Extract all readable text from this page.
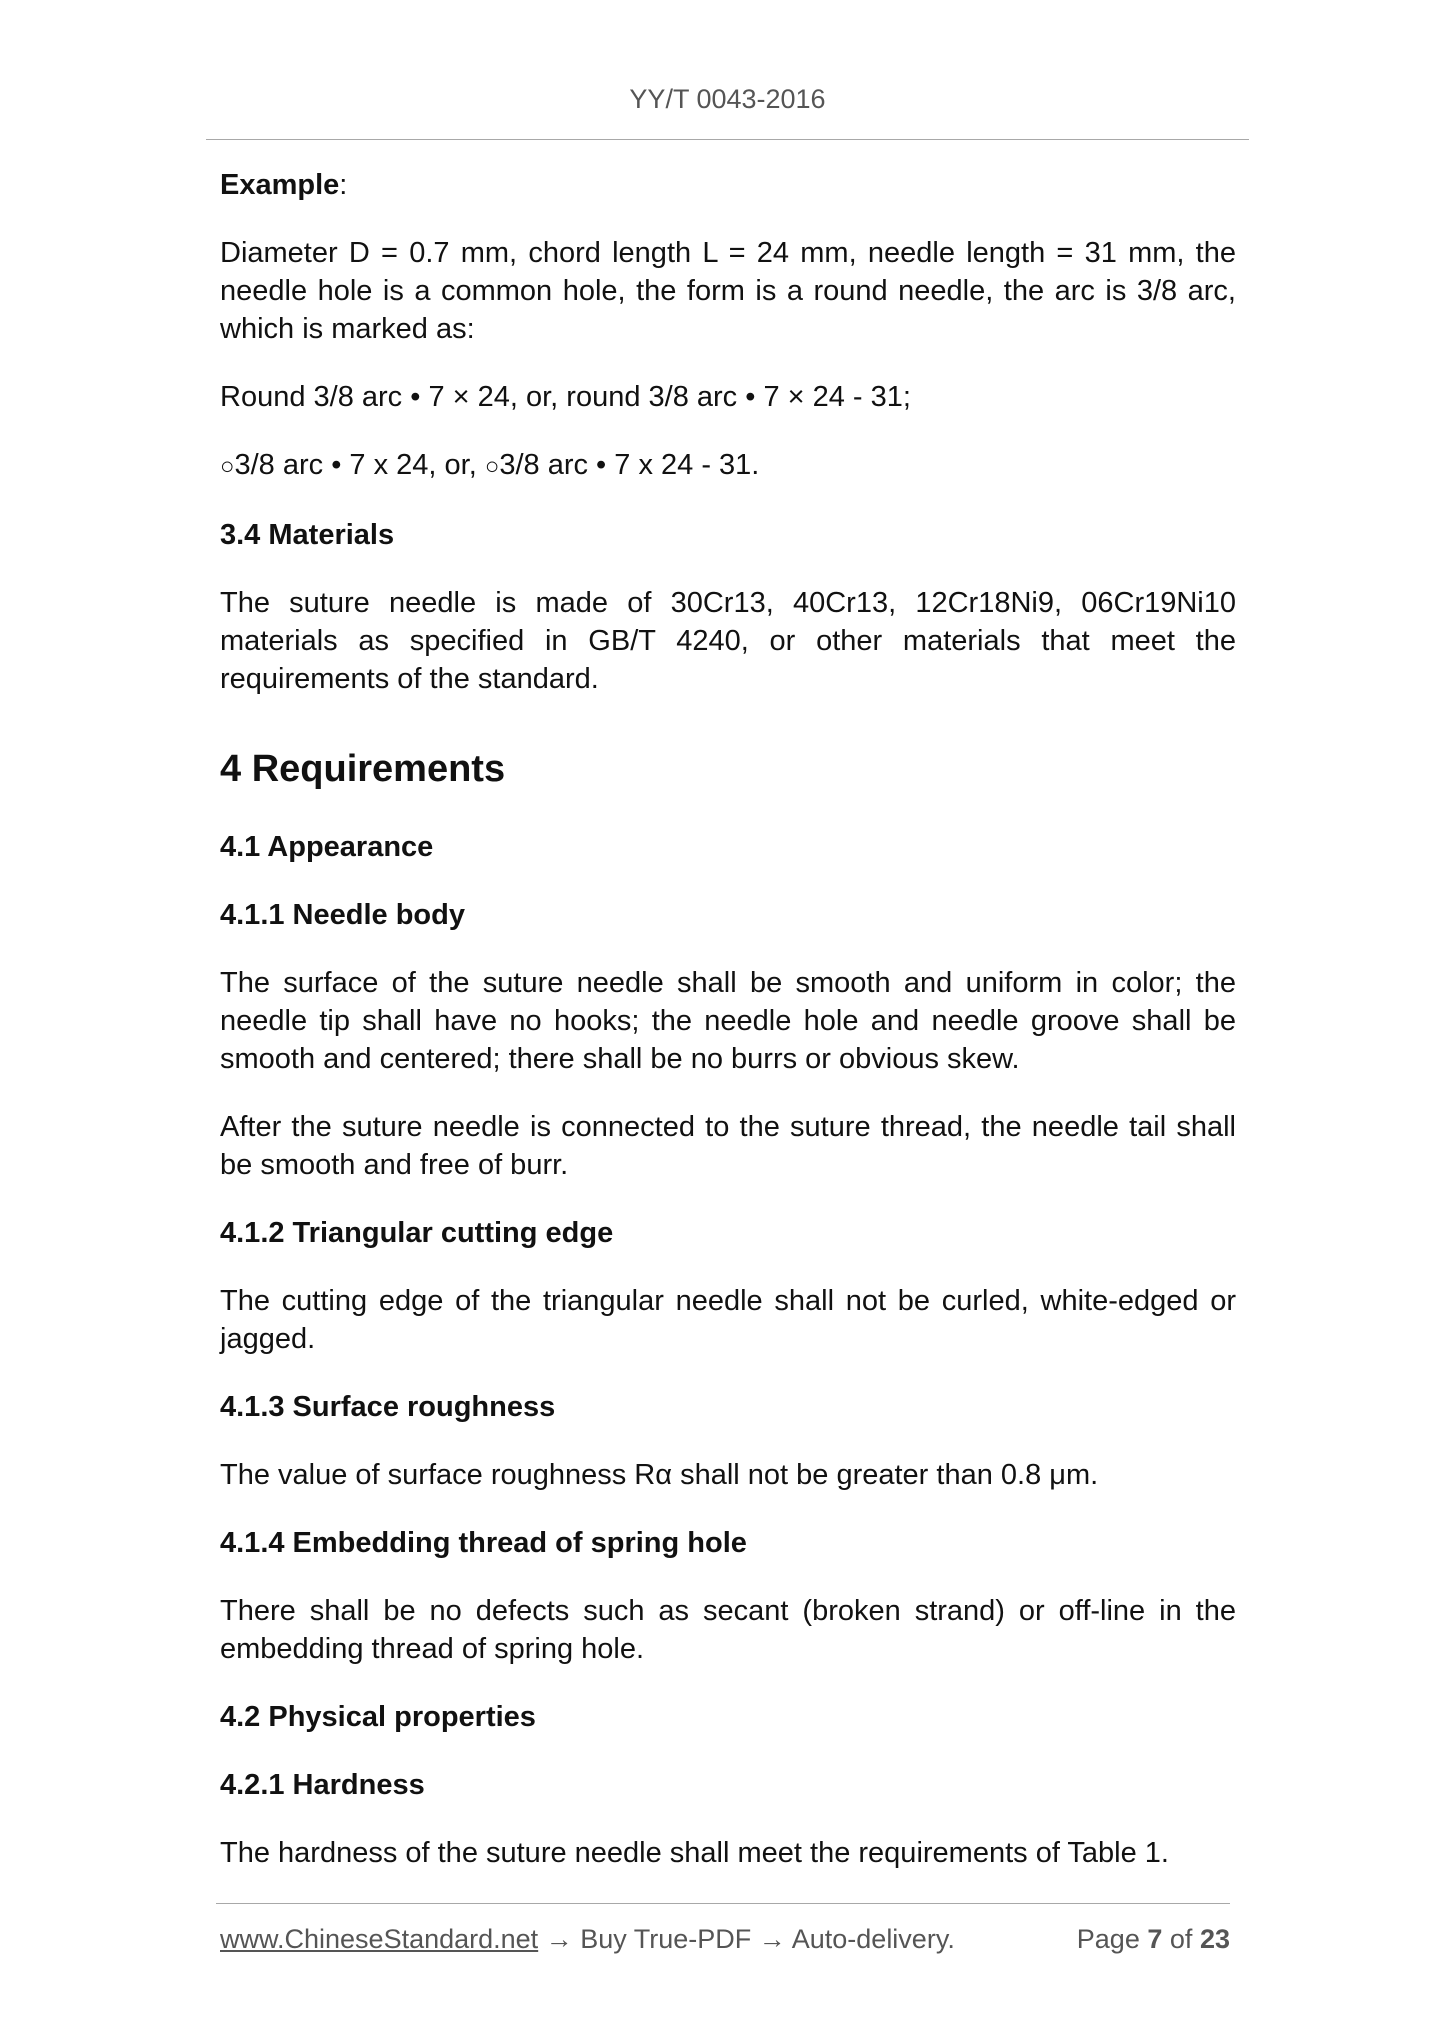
YY/T 0043-2016

Example:

Diameter D = 0.7 mm, chord length L = 24 mm, needle length = 31 mm, the needle hole is a common hole, the form is a round needle, the arc is 3/8 arc, which is marked as:

Round 3/8 arc • 7 × 24, or, round 3/8 arc • 7 × 24 - 31;

○3/8 arc • 7 x 24, or, ○3/8 arc • 7 x 24 - 31.

3.4 Materials

The suture needle is made of 30Cr13, 40Cr13, 12Cr18Ni9, 06Cr19Ni10 materials as specified in GB/T 4240, or other materials that meet the requirements of the standard.

4 Requirements
4.1 Appearance
4.1.1 Needle body

The surface of the suture needle shall be smooth and uniform in color; the needle tip shall have no hooks; the needle hole and needle groove shall be smooth and centered; there shall be no burrs or obvious skew.

After the suture needle is connected to the suture thread, the needle tail shall be smooth and free of burr.

4.1.2 Triangular cutting edge

The cutting edge of the triangular needle shall not be curled, white-edged or jagged.

4.1.3 Surface roughness

The value of surface roughness Rα shall not be greater than 0.8 μm.

4.1.4 Embedding thread of spring hole

There shall be no defects such as secant (broken strand) or off-line in the embedding thread of spring hole.

4.2 Physical properties
4.2.1 Hardness

The hardness of the suture needle shall meet the requirements of Table 1.

www.ChineseStandard.net → Buy True-PDF → Auto-delivery.	Page 7 of 23
